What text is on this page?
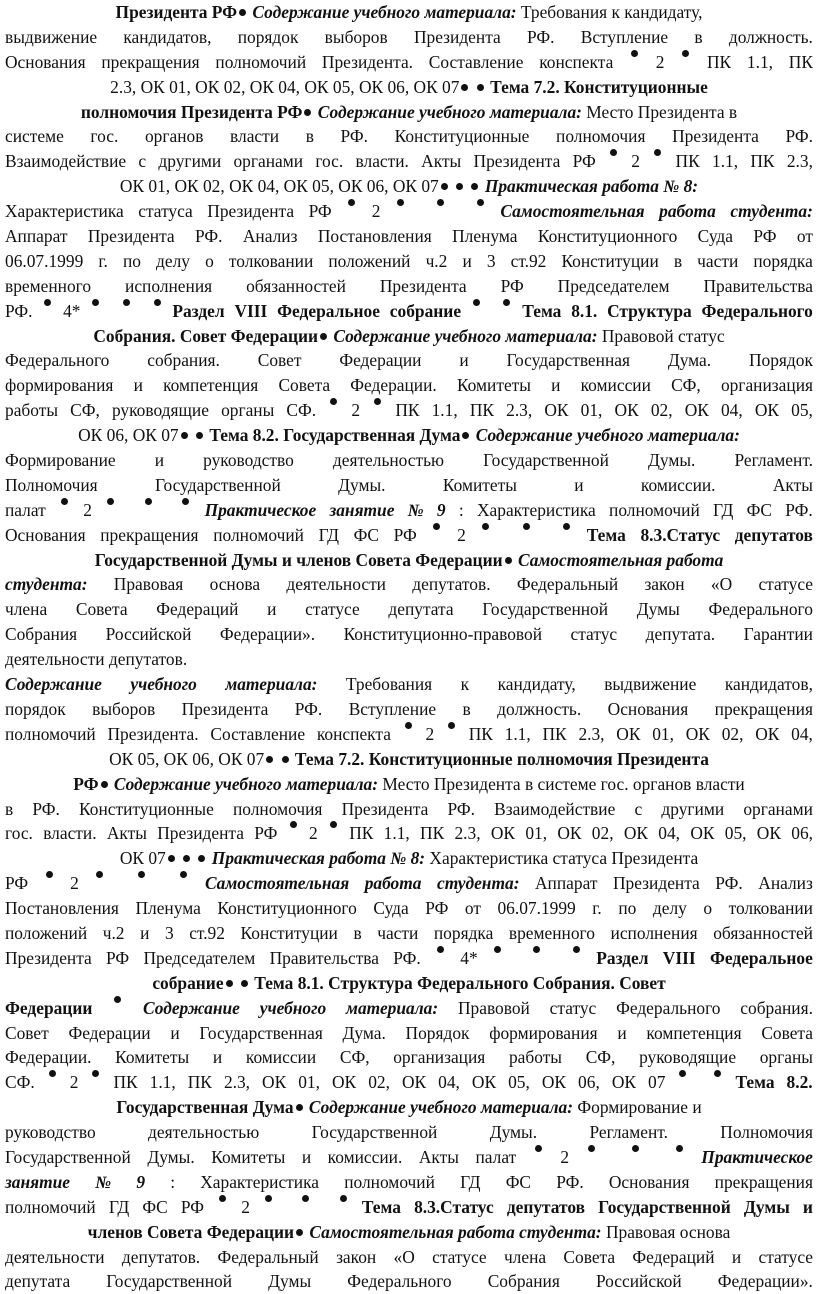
Президента РФ Содержание учебного материала: Требования к кандидату,
выдвижение кандидатов, порядок выборов Президента РФ. Вступление в должность.
Основания прекращения полномочий Президента. Составление конспекта 2 ПК 1.1, ПК
2.3, ОК 01, ОК 02, ОК 04, ОК 05, ОК 06, ОК 07  Тема 7.2. Конституционные
полномочия Президента РФ Содержание учебного материала: Место Президента в
системе гос. органов власти в РФ. Конституционные полномочия Президента РФ.
Взаимодействие с другими органами гос. власти. Акты Президента РФ 2 ПК 1.1, ПК 2.3,
ОК 01, ОК 02, ОК 04, ОК 05, ОК 06, ОК 07   Практическая работа № 8:
Характеристика статуса Президента РФ 2	Самостоятельная работа студента:
Аппарат Президента РФ. Анализ Постановления Пленума Конституционного Суда РФ от
06.07.1999 г. по делу о толковании положений ч.2 и 3 ст.92 Конституции в части порядка
временного исполнения обязанностей Президента РФ Председателем Правительства
РФ. 4*	Раздел VIII Федеральное собрание	Тема 8.1. Структура Федерального
Собрания. Совет Федерации Содержание учебного материала: Правовой статус
Федерального собрания. Совет Федерации и Государственная Дума. Порядок
формирования и компетенция Совета Федерации. Комитеты и комиссии СФ, организация
работы СФ, руководящие органы СФ. 2 ПК 1.1, ПК 2.3, ОК 01, ОК 02, ОК 04, ОК 05,
ОК 06, ОК 07  Тема 8.2. Государственная Дума Содержание учебного материала:
Формирование и руководство деятельностью Государственной Думы. Регламент.
Полномочия	Государственной	Думы.	Комитеты	и	комиссии.	Акты
палат 2	Практическое занятие № 9 : Характеристика полномочий ГД ФС РФ.
Основания прекращения полномочий ГД ФС РФ 2	Тема 8.3.Статус депутатов
Государственной Думы и членов Совета Федерации Самостоятельная работа
студента: Правовая основа деятельности депутатов. Федеральный закон «О статусе
члена Совета Федераций и статусе депутата Государственной Думы Федерального
Собрания Российской Федерации». Конституционно-правовой статус депутата. Гарантии
деятельности депутатов.
Содержание учебного материала: Требования к кандидату, выдвижение кандидатов,
порядок выборов Президента РФ. Вступление в должность. Основания прекращения
полномочий Президента. Составление конспекта 2 ПК 1.1, ПК 2.3, ОК 01, ОК 02, ОК 04,
ОК 05, ОК 06, ОК 07  Тема 7.2. Конституционные полномочия Президента
РФ Содержание учебного материала: Место Президента в системе гос. органов власти
в РФ. Конституционные полномочия Президента РФ. Взаимодействие с другими органами
гос. власти. Акты Президента РФ 2 ПК 1.1, ПК 2.3, ОК 01, ОК 02, ОК 04, ОК 05, ОК 06,
ОК 07   Практическая работа № 8: Характеристика статуса Президента
РФ 2	Самостоятельная работа студента: Аппарат Президента РФ. Анализ
Постановления Пленума Конституционного Суда РФ от 06.07.1999 г. по делу о толковании
положений ч.2 и 3 ст.92 Конституции в части порядка временного исполнения обязанностей
Президента РФ Председателем Правительства РФ. 4*	Раздел VIII Федеральное
собрание  Тема 8.1. Структура Федерального Собрания. Совет
Федерации	Содержание учебного материала: Правовой статус Федерального собрания.
Совет Федерации и Государственная Дума. Порядок формирования и компетенция Совета
Федерации. Комитеты и комиссии СФ, организация работы СФ, руководящие органы
СФ. 2 ПК 1.1, ПК 2.3, ОК 01, ОК 02, ОК 04, ОК 05, ОК 06, ОК 07	Тема 8.2.
Государственная Дума Содержание учебного материала: Формирование и
руководство	деятельностью	Государственной	Думы.	Регламент.	Полномочия
Государственной Думы. Комитеты и комиссии. Акты палат	2	Практическое
занятие № 9 : Характеристика полномочий ГД ФС РФ. Основания прекращения
полномочий ГД ФС РФ 2	Тема 8.3.Статус депутатов Государственной Думы и
членов Совета Федерации Самостоятельная работа студента: Правовая основа
деятельности депутатов. Федеральный закон «О статусе члена Совета Федераций и статусе
депутата Государственной Думы Федерального Собрания Российской Федерации».
